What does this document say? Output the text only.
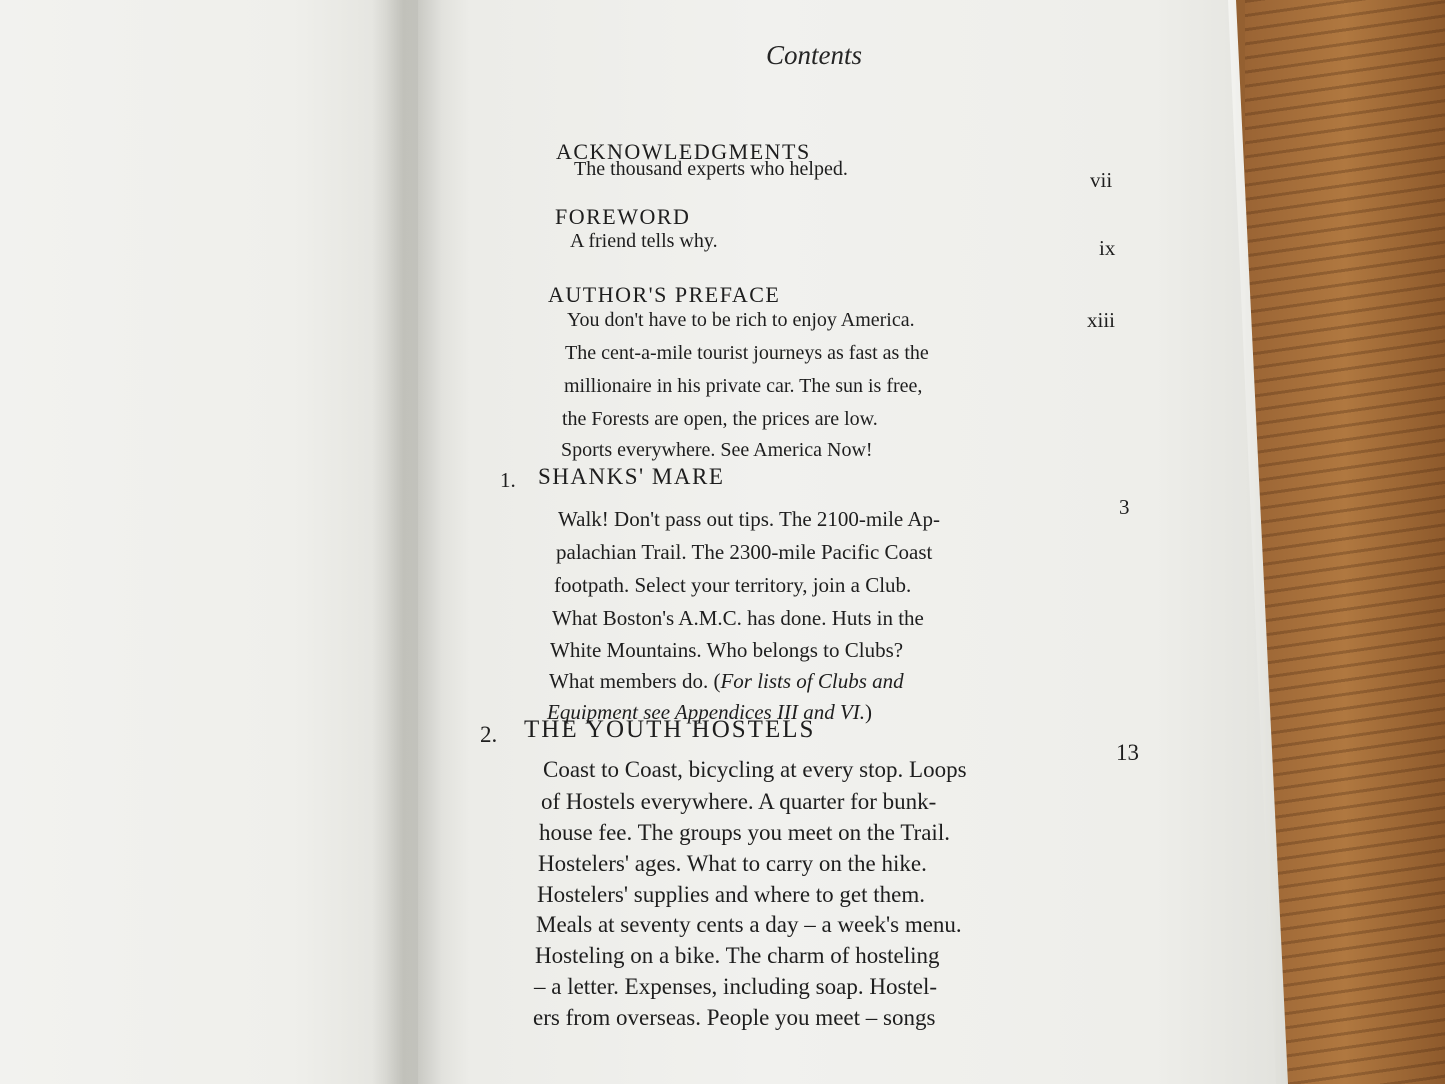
Contents

ACKNOWLEDGMENTS

The thousand experts who helped.	vii

FOREWORD

A friend tells why.	ix

AUTHOR'S PREFACE

xiii

You don't have to be rich to enjoy America.

The cent-a-mile tourist journeys as fast as the

millionaire in his private car. The sun is free,

the Forests are open, the prices are low.

Sports everywhere. See America Now!

1. SHANKS' MARE

3

Walk! Don't pass out tips. The 2100-mile Ap-

palachian Trail. The 2300-mile Pacific Coast

footpath. Select your territory, join a Club.

What Boston's A.M.C. has done. Huts in the

White Mountains. Who belongs to Clubs?

What members do. (For lists of Clubs and

Equipment see Appendices III and VI.)

2. THE YOUTH HOSTELS

13

Coast to Coast, bicycling at every stop. Loops

of Hostels everywhere. A quarter for bunk-

house fee. The groups you meet on the Trail.

Hostelers' ages. What to carry on the hike.

Hostelers' supplies and where to get them.

Meals at seventy cents a day – a week's menu.

Hosteling on a bike. The charm of hosteling

– a letter. Expenses, including soap. Hostel-

ers from overseas. People you meet – songs
